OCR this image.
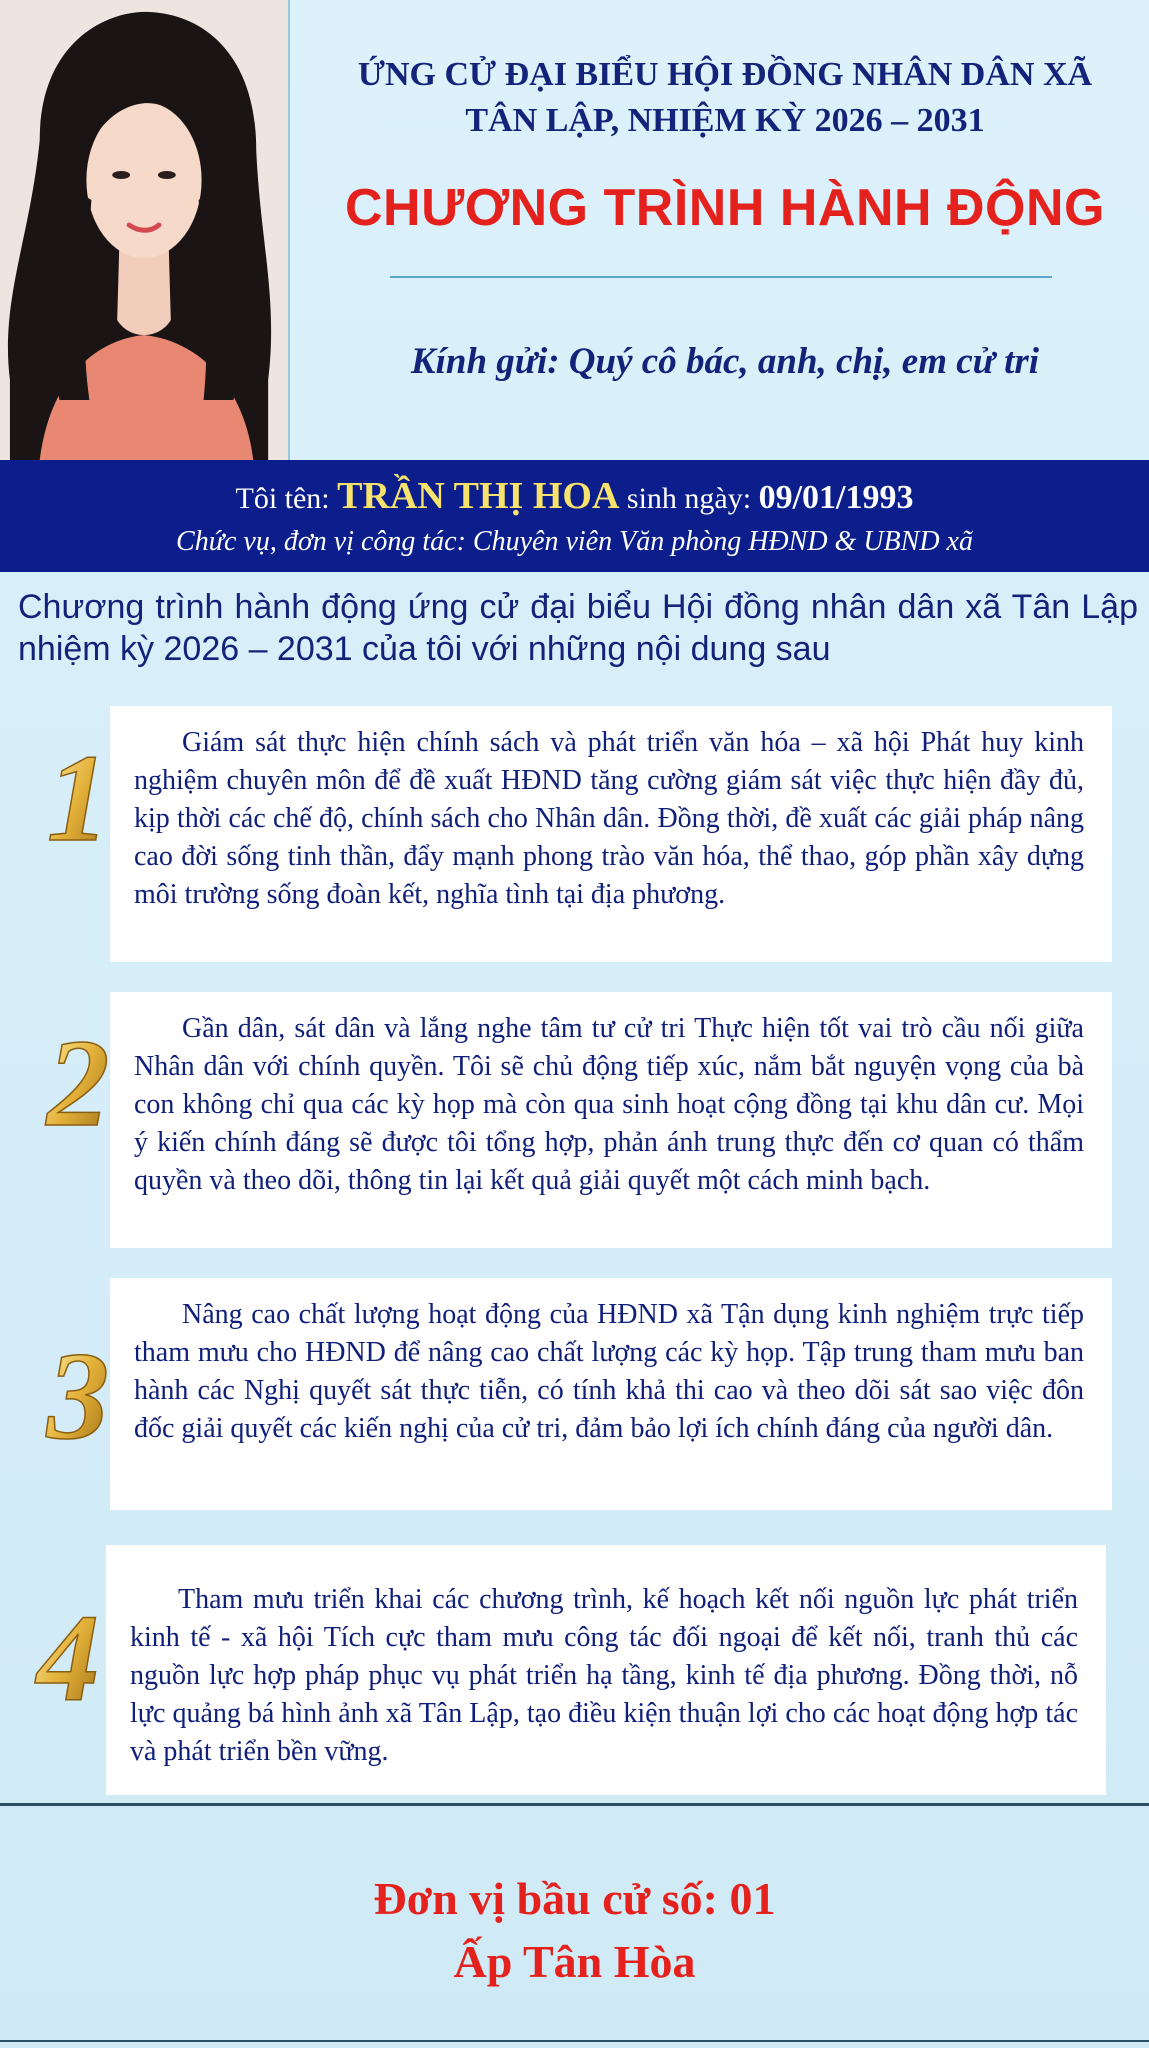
ỨNG CỬ ĐẠI BIỂU HỘI ĐỒNG NHÂN DÂN XÃ
TÂN LẬP, NHIỆM KỲ 2026 – 2031
CHƯƠNG TRÌNH HÀNH ĐỘNG
Kính gửi: Quý cô bác, anh, chị, em cử tri
Tôi tên: TRẦN THỊ HOA sinh ngày: 09/01/1993
Chức vụ, đơn vị công tác: Chuyên viên Văn phòng HĐND & UBND xã
Chương trình hành động ứng cử đại biểu Hội đồng nhân dân xã Tân Lập nhiệm kỳ 2026 – 2031 của tôi với những nội dung sau
1	Giám sát thực hiện chính sách và phát triển văn hóa – xã hội Phát huy kinh nghiệm chuyên môn để đề xuất HĐND tăng cường giám sát việc thực hiện đầy đủ, kịp thời các chế độ, chính sách cho Nhân dân. Đồng thời, đề xuất các giải pháp nâng cao đời sống tinh thần, đẩy mạnh phong trào văn hóa, thể thao, góp phần xây dựng môi trường sống đoàn kết, nghĩa tình tại địa phương.
2	Gần dân, sát dân và lắng nghe tâm tư cử tri Thực hiện tốt vai trò cầu nối giữa Nhân dân với chính quyền. Tôi sẽ chủ động tiếp xúc, nắm bắt nguyện vọng của bà con không chỉ qua các kỳ họp mà còn qua sinh hoạt cộng đồng tại khu dân cư. Mọi ý kiến chính đáng sẽ được tôi tổng hợp, phản ánh trung thực đến cơ quan có thẩm quyền và theo dõi, thông tin lại kết quả giải quyết một cách minh bạch.
3
Nâng cao chất lượng hoạt động của HĐND xã Tận dụng kinh nghiệm trực tiếp tham mưu cho HĐND để nâng cao chất lượng các kỳ họp. Tập trung tham mưu ban hành các Nghị quyết sát thực tiễn, có tính khả thi cao và theo dõi sát sao việc đôn đốc giải quyết các kiến nghị của cử tri, đảm bảo lợi ích chính đáng của người dân.
4	Tham mưu triển khai các chương trình, kế hoạch kết nối nguồn lực phát triển kinh tế - xã hội Tích cực tham mưu công tác đối ngoại để kết nối, tranh thủ các nguồn lực hợp pháp phục vụ phát triển hạ tầng, kinh tế địa phương. Đồng thời, nỗ lực quảng bá hình ảnh xã Tân Lập, tạo điều kiện thuận lợi cho các hoạt động hợp tác và phát triển bền vững.
Đơn vị bầu cử số: 01
Ấp Tân Hòa
